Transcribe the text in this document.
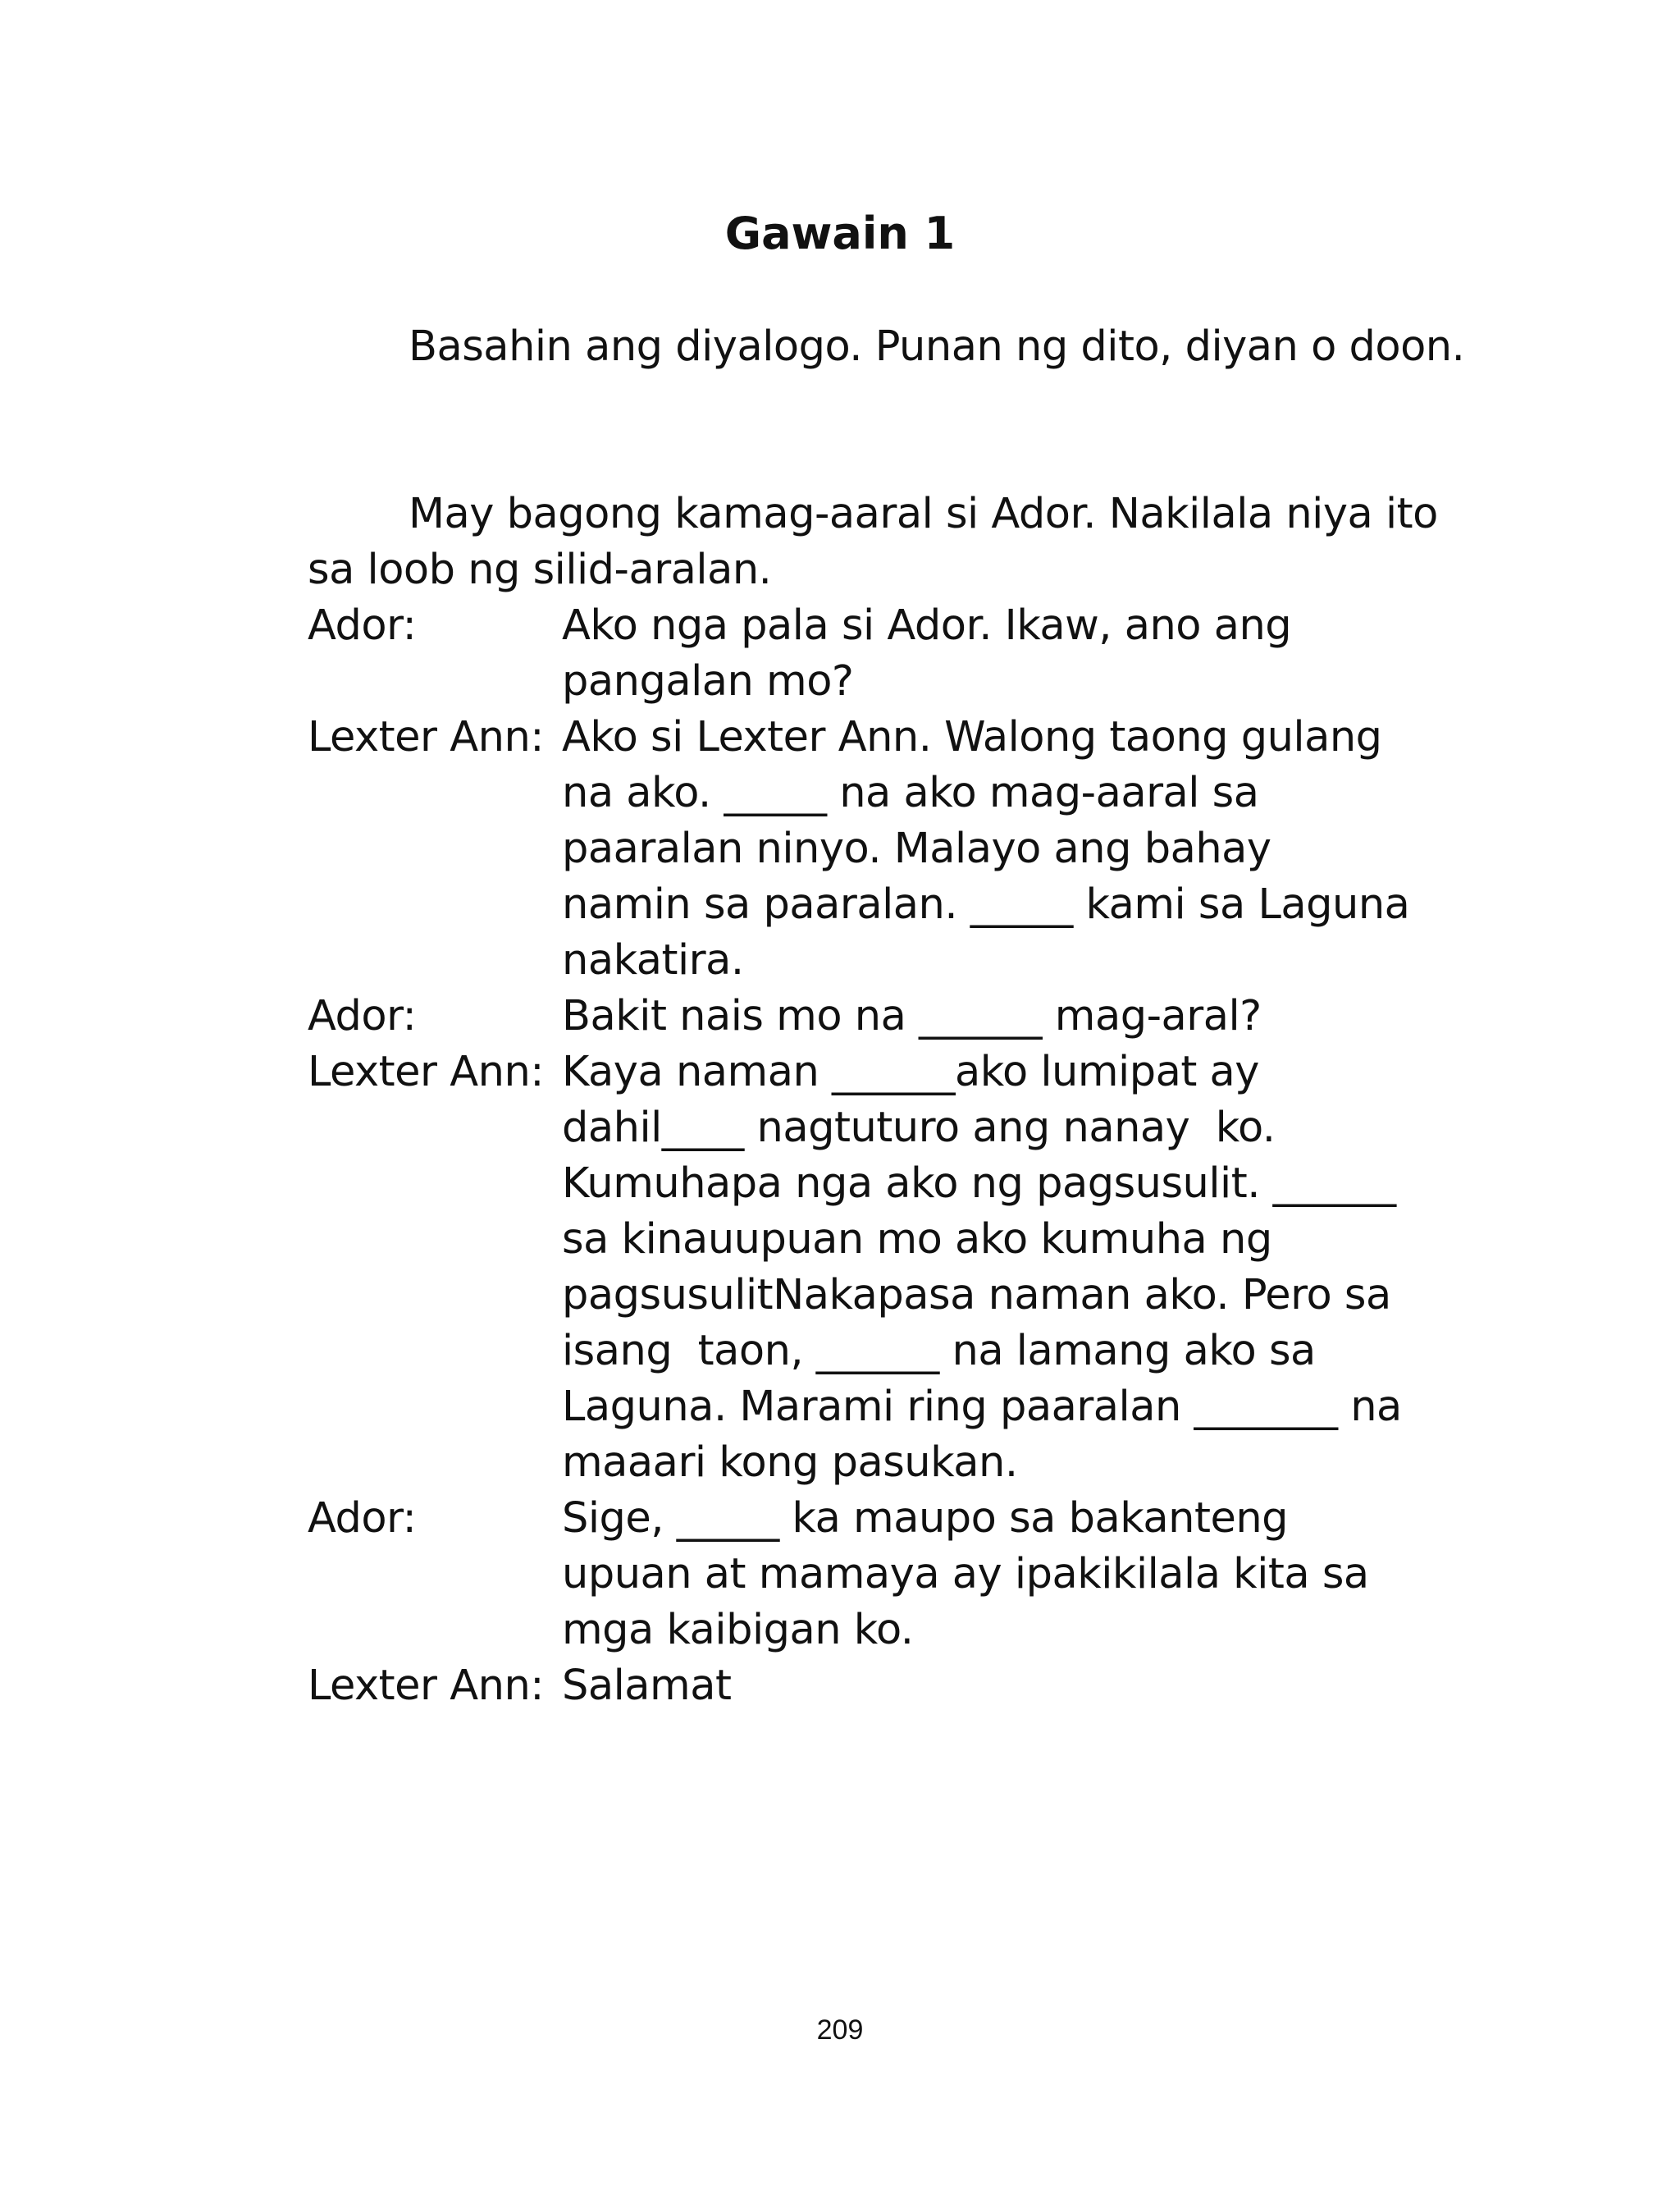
Gawain 1

Basahin ang diyalogo. Punan ng dito, diyan o doon.

May bagong kamag-aaral si Ador. Nakilala niya ito sa loob ng silid-aralan.

Ador:	Ako nga pala si Ador. Ikaw, ano ang
pangalan mo?
Lexter Ann: Ako si Lexter Ann. Walong taong gulang
na ako. _____ na ako mag-aaral sa
paaralan ninyo. Malayo ang bahay
namin sa paaralan. _____ kami sa Laguna
nakatira.
Ador:	Bakit nais mo na ______ mag-aral?
Lexter Ann: Kaya naman ______ako lumipat ay
dahil____ nagtuturo ang nanay  ko.
Kumuhapa nga ako ng pagsusulit. ______
sa kinauupuan mo ako kumuha ng
pagsusulitNakapasa naman ako. Pero sa
isang  taon, ______ na lamang ako sa
Laguna. Marami ring paaralan _______ na
maaari kong pasukan.
Ador:	Sige, _____ ka maupo sa bakanteng
upuan at mamaya ay ipakikilala kita sa
mga kaibigan ko.
Lexter Ann: Salamat
209
